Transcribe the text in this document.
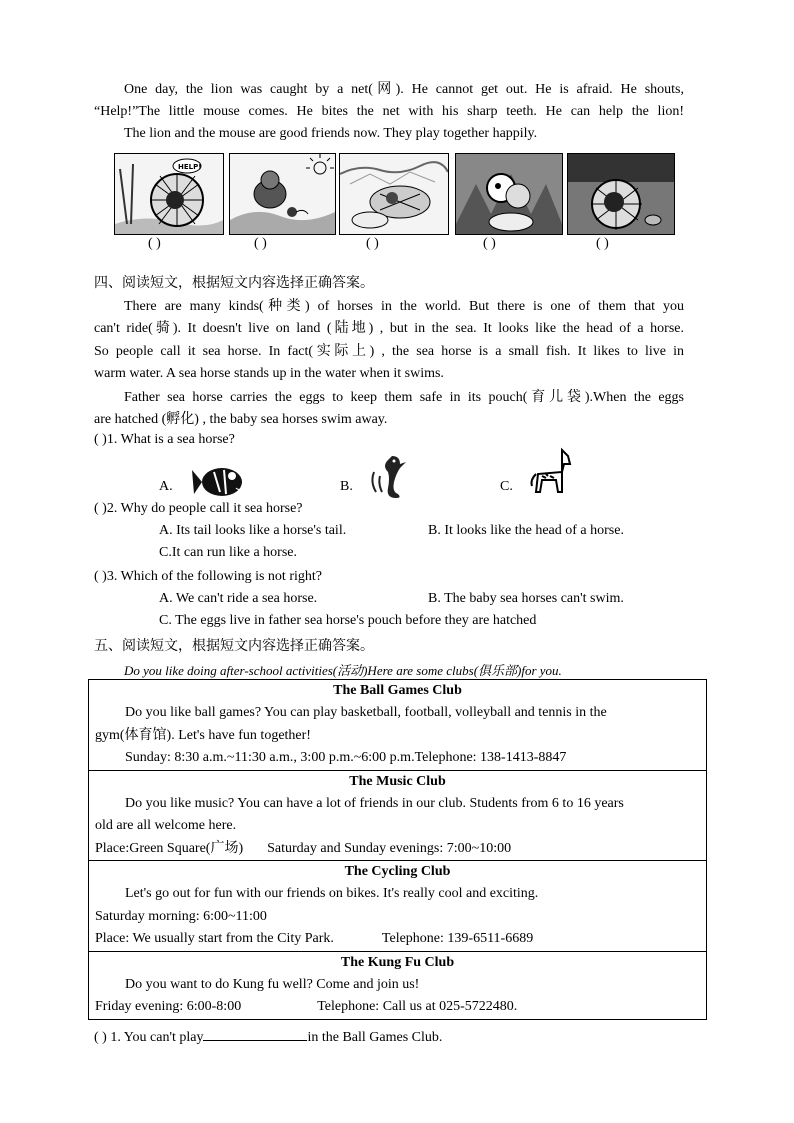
One day, the lion was caught by a net(网). He cannot get out. He is afraid. He shouts,
“Help!”The little mouse comes. He bites the net with his sharp teeth. He can help the lion!
The lion and the mouse are good friends now. They play together happily.
HELP!
( )	( )	( )	( )	( )
四、阅读短文，根据短文内容选择正确答案。
There are many kinds(种类) of horses in the world. But there is one of them that you
can't ride(骑). It doesn't live on land (陆地) , but in the sea. It looks like the head of a horse.
So people call it sea horse. In fact(实际上) , the sea horse is a small fish. It likes to live in
warm water. A sea horse stands up in the water when it swims.
Father sea horse carries the eggs to keep them safe in its pouch(育儿袋).When the eggs
are hatched (孵化) , the baby sea horses swim away.
( )1. What is a sea horse?
A.	B.	C.
( )2. Why do people call it sea horse?
A. Its tail looks like a horse's tail.	B. It looks like the head of a horse.
C.It can run like a horse.
( )3. Which of the following is not right?
A. We can't ride a sea horse.	B. The baby sea horses can't swim.
C. The eggs live in father sea horse's pouch before they are hatched
五、阅读短文，根据短文内容选择正确答案。
Do you like doing after-school activities(活动)Here are some clubs(俱乐部)for you.
The Ball Games Club
Do you like ball games? You can play basketball, football, volleyball and tennis in the
gym(体育馆). Let's have fun together!
Sunday: 8:30 a.m.~11:30 a.m., 3:00 p.m.~6:00 p.m.Telephone: 138-1413-8847

The Music Club
Do you like music? You can have a lot of friends in our club. Students from 6 to 16 years
old are all welcome here.
Place:Green Square(广场) Saturday and Sunday evenings: 7:00~10:00

The Cycling Club
Let's go out for fun with our friends on bikes. It's really cool and exciting.
Saturday morning: 6:00~11:00
Place: We usually start from the City Park.	Telephone: 139-6511-6689

The Kung Fu Club
Do you want to do Kung fu well? Come and join us!
Friday evening: 6:00-8:00	Telephone: Call us at 025-5722480.
( ) 1. You can't play	in the Ball Games Club.
